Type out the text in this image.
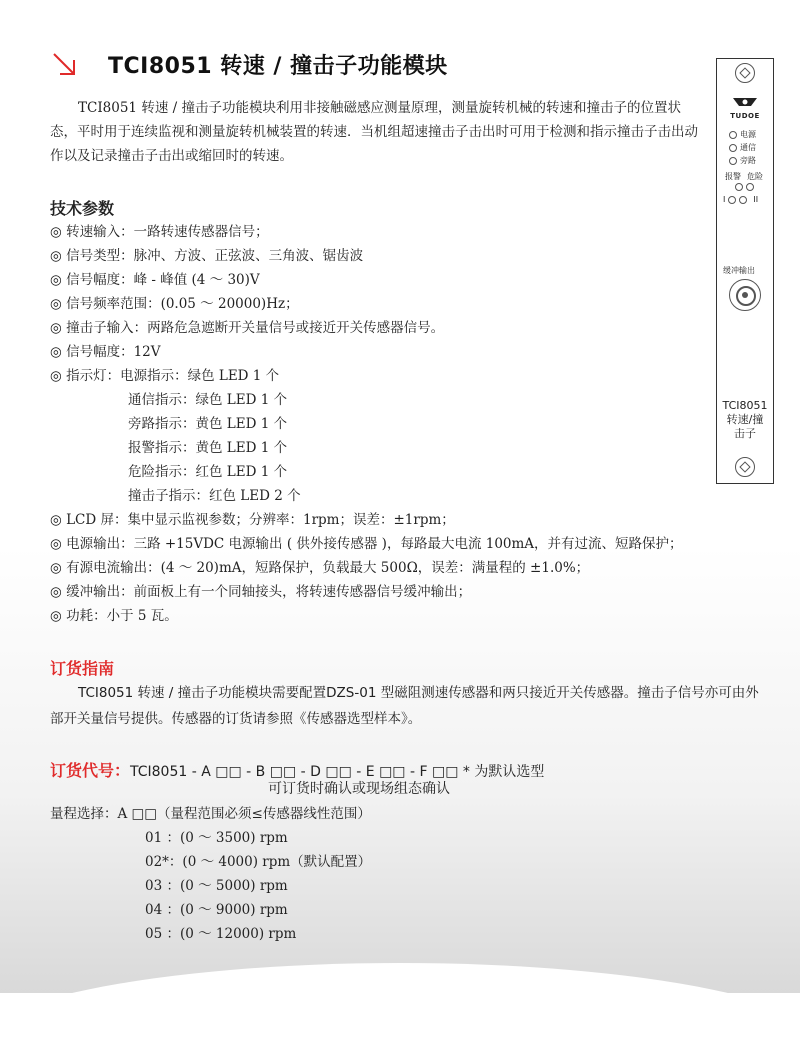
TCI8051 转速 / 撞击子功能模块
TCI8051 转速 / 撞击子功能模块利用非接触磁感应测量原理，测量旋转机械的转速和撞击子的位置状态，平时用于连续监视和测量旋转机械装置的转速．当机组超速撞击子击出时可用于检测和指示撞击子击出动作以及记录撞击子击出或缩回时的转速。
技术参数
◎ 转速输入：一路转速传感器信号；
◎ 信号类型：脉冲、方波、正弦波、三角波、锯齿波
◎ 信号幅度：峰 - 峰值 (4 ～ 30)V
◎ 信号频率范围：(0.05 ～ 20000)Hz；
◎ 撞击子输入：两路危急遮断开关量信号或接近开关传感器信号。
◎ 信号幅度：12V
◎ 指示灯：电源指示：绿色 LED 1 个
通信指示：绿色 LED 1 个
旁路指示：黄色 LED 1 个
报警指示：黄色 LED 1 个
危险指示：红色 LED 1 个
撞击子指示：红色 LED 2 个
◎ LCD 屏：集中显示监视参数；分辨率：1rpm；误差：±1rpm；
◎ 电源输出：三路 +15VDC 电源输出 ( 供外接传感器 )，每路最大电流 100mA，并有过流、短路保护；
◎ 有源电流输出：(4 ～ 20)mA，短路保护，负载最大 500Ω，误差：满量程的 ±1.0%；
◎ 缓冲输出：前面板上有一个同轴接头，将转速传感器信号缓冲输出；
◎ 功耗：小于 5 瓦。
订货指南
TCI8051 转速 / 撞击子功能模块需要配置DZS-01 型磁阻测速传感器和两只接近开关传感器。撞击子信号亦可由外部开关量信号提供。传感器的订货请参照《传感器选型样本》。
订货代号：TCI8051 - A □□ - B □□ - D □□ - E □□ - F □□ * 为默认选型
可订货时确认或现场组态确认
量程选择：A □□（量程范围必须≤传感器线性范围）
01 ：(0 ～ 3500) rpm
02*：(0 ～ 4000) rpm（默认配置）
03 ：(0 ～ 5000) rpm
04 ：(0 ～ 9000) rpm
05 ：(0 ～ 12000) rpm
TUDOE
电源
通信
旁路
报警 危险
I	II
缓冲输出
TCI8051
转速/撞
击子
